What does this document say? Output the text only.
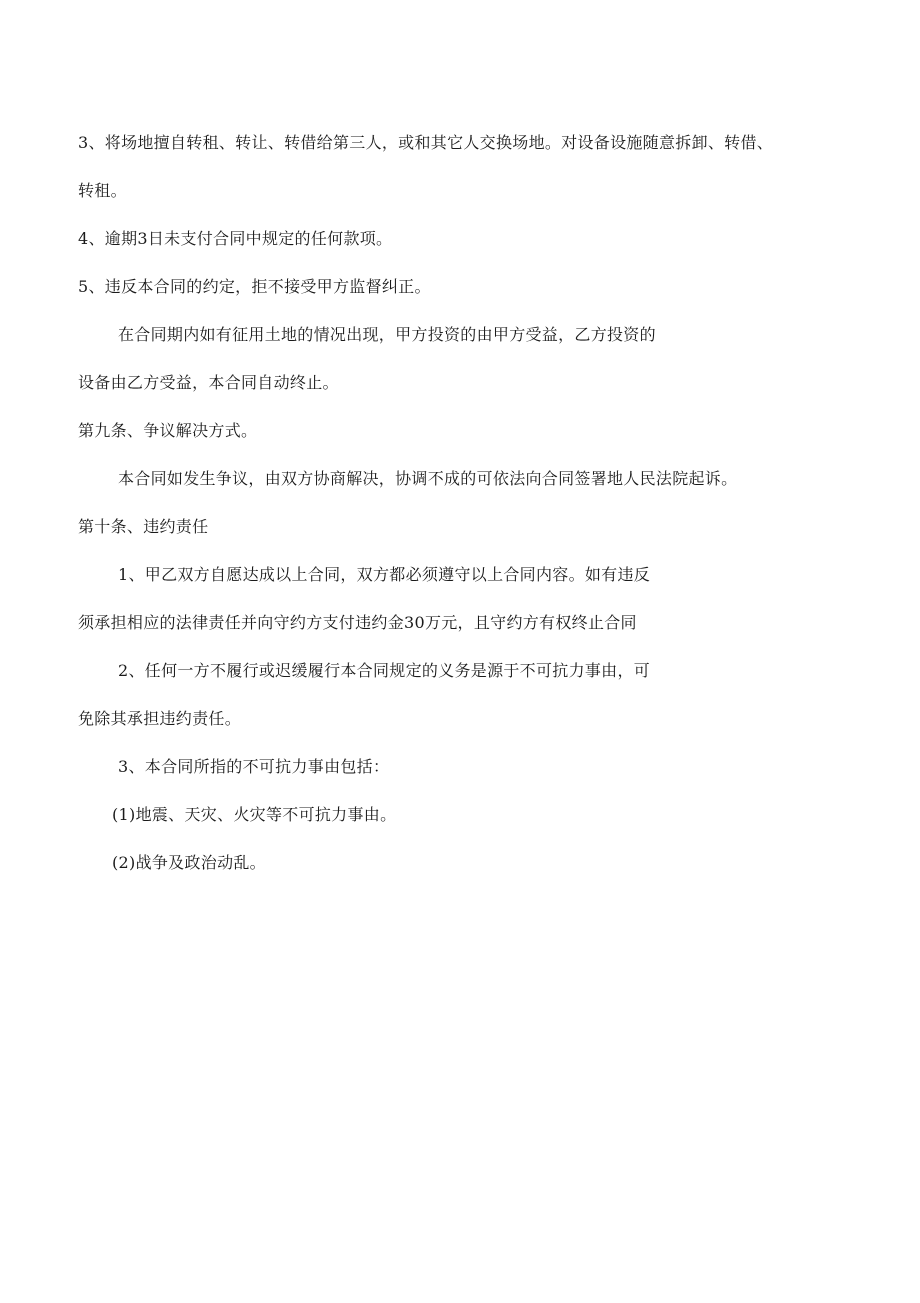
3、将场地擅自转租、转让、转借给第三人，或和其它人交换场地。对设备设施随意拆卸、转借、
转租。
4、逾期3日未支付合同中规定的任何款项。
5、违反本合同的约定，拒不接受甲方监督纠正。
在合同期内如有征用土地的情况出现，甲方投资的由甲方受益，乙方投资的
设备由乙方受益，本合同自动终止。
第九条、争议解决方式。
本合同如发生争议，由双方协商解决，协调不成的可依法向合同签署地人民法院起诉。
第十条、违约责任
1、甲乙双方自愿达成以上合同，双方都必须遵守以上合同内容。如有违反
须承担相应的法律责任并向守约方支付违约金30万元，且守约方有权终止合同
2、任何一方不履行或迟缓履行本合同规定的义务是源于不可抗力事由，可
免除其承担违约责任。
3、本合同所指的不可抗力事由包括：
(1)地震、天灾、火灾等不可抗力事由。
(2)战争及政治动乱。
